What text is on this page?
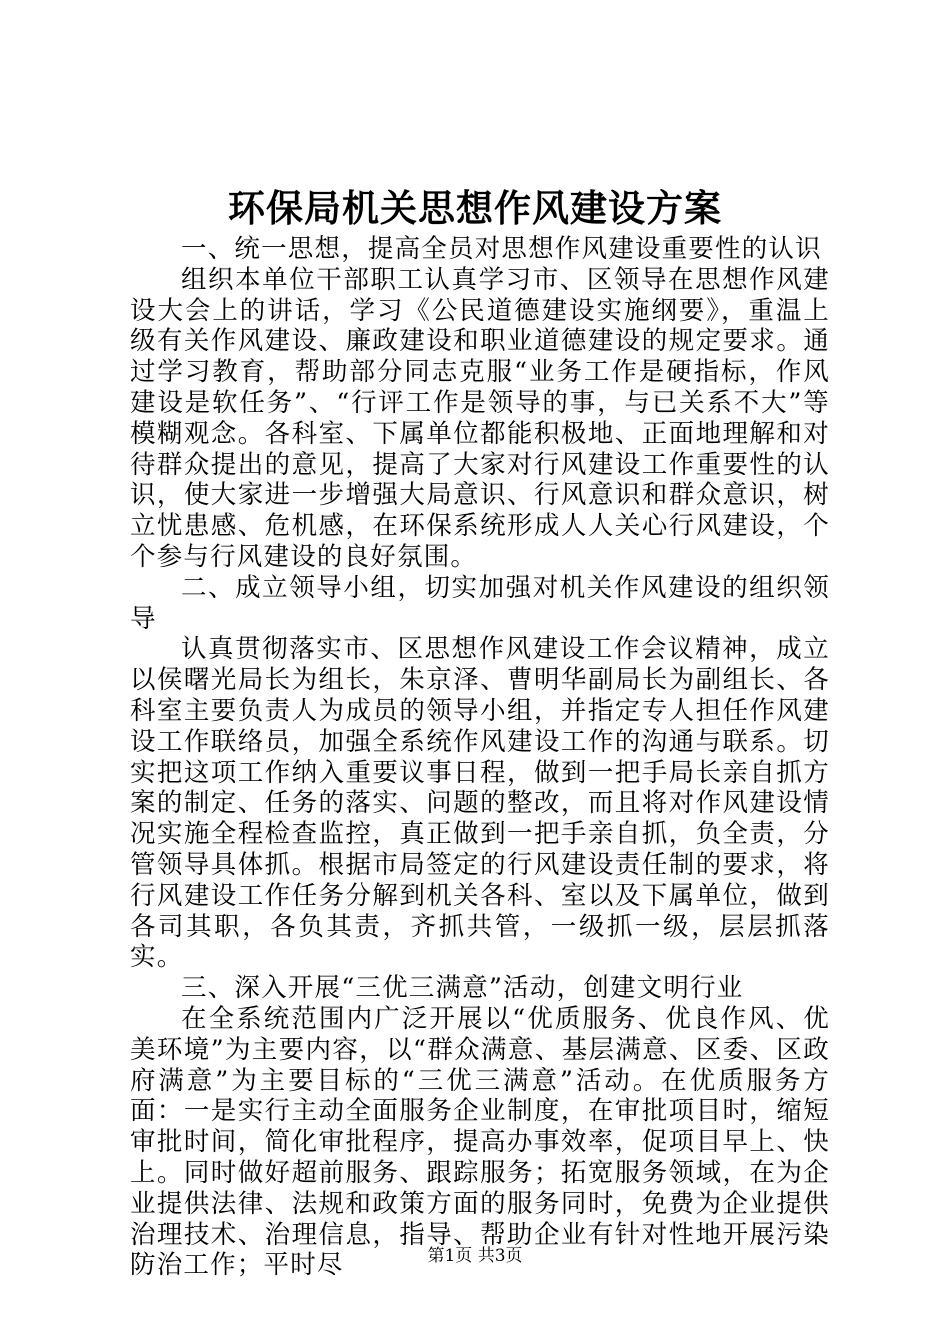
环保局机关思想作风建设方案

一、统一思想，提高全员对思想作风建设重要性的认识

组织本单位干部职工认真学习市、区领导在思想作风建设大会上的讲话，学习《公民道德建设实施纲要》，重温上级有关作风建设、廉政建设和职业道德建设的规定要求。通过学习教育，帮助部分同志克服“业务工作是硬指标，作风建设是软任务”、“行评工作是领导的事，与已关系不大”等模糊观念。各科室、下属单位都能积极地、正面地理解和对待群众提出的意见，提高了大家对行风建设工作重要性的认识，使大家进一步增强大局意识、行风意识和群众意识，树立忧患感、危机感，在环保系统形成人人关心行风建设，个个参与行风建设的良好氛围。

二、成立领导小组，切实加强对机关作风建设的组织领导

认真贯彻落实市、区思想作风建设工作会议精神，成立以侯曙光局长为组长，朱京泽、曹明华副局长为副组长、各科室主要负责人为成员的领导小组，并指定专人担任作风建设工作联络员，加强全系统作风建设工作的沟通与联系。切实把这项工作纳入重要议事日程，做到一把手局长亲自抓方案的制定、任务的落实、问题的整改，而且将对作风建设情况实施全程检查监控，真正做到一把手亲自抓，负全责，分管领导具体抓。根据市局签定的行风建设责任制的要求，将行风建设工作任务分解到机关各科、室以及下属单位，做到各司其职，各负其责，齐抓共管，一级抓一级，层层抓落实。

三、深入开展“三优三满意”活动，创建文明行业

在全系统范围内广泛开展以“优质服务、优良作风、优美环境”为主要内容，以“群众满意、基层满意、区委、区政府满意”为主要目标的“三优三满意”活动。在优质服务方面：一是实行主动全面服务企业制度，在审批项目时，缩短审批时间，简化审批程序，提高办事效率，促项目早上、快上。同时做好超前服务、跟踪服务；拓宽服务领域，在为企业提供法律、法规和政策方面的服务同时，免费为企业提供治理技术、治理信息，指导、帮助企业有针对性地开展污染防治工作；平时尽	第1页 共3页
